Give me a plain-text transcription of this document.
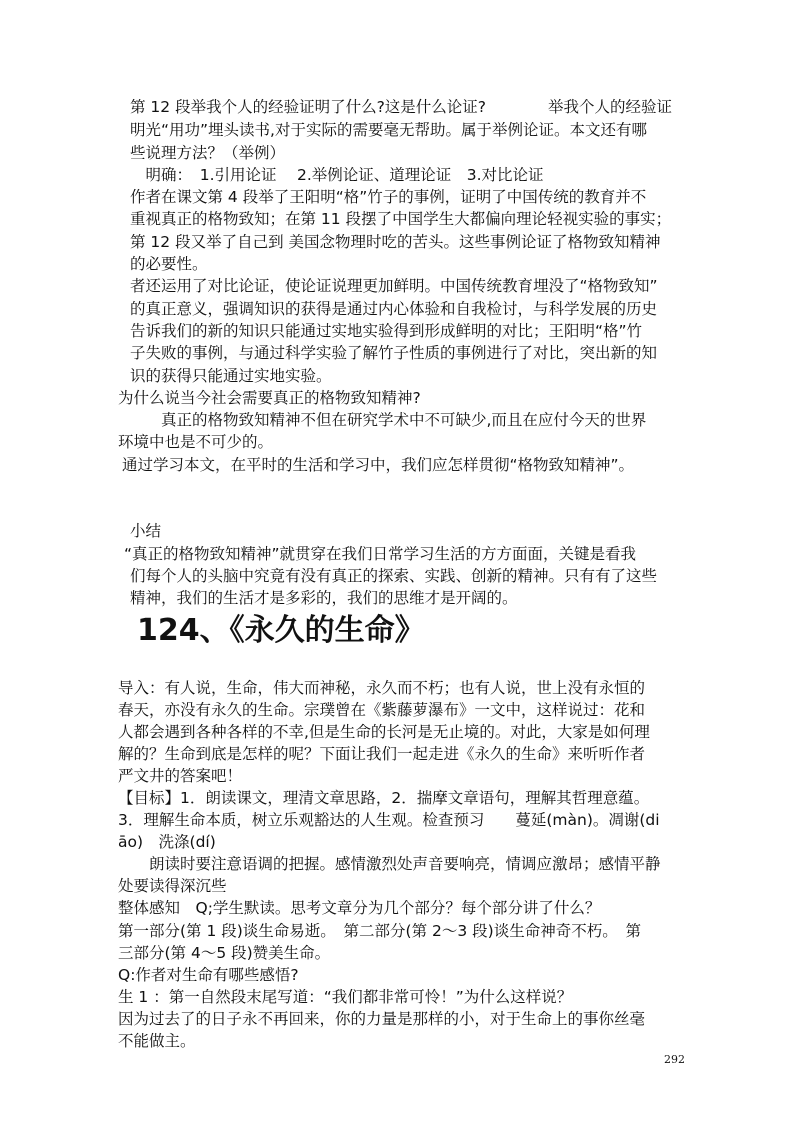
第 12 段举我个人的经验证明了什么?这是什么论证?　　　　举我个人的经验证
明光“用功”埋头读书,对于实际的需要毫无帮助。属于举例论证。本文还有哪
些说理方法？（举例）
　明确：　1.引用论证　 2.举例论证、道理论证　3.对比论证
作者在课文第 4 段举了王阳明“格”竹子的事例，证明了中国传统的教育并不
重视真正的格物致知；在第 11 段摆了中国学生大都偏向理论轻视实验的事实；
第 12 段又举了自己到 美国念物理时吃的苦头。这些事例论证了格物致知精神
的必要性。
者还运用了对比论证，使论证说理更加鲜明。中国传统教育埋没了“格物致知”
的真正意义，强调知识的获得是通过内心体验和自我检讨，与科学发展的历史
告诉我们的新的知识只能通过实地实验得到形成鲜明的对比；王阳明“格”竹
子失败的事例，与通过科学实验了解竹子性质的事例进行了对比，突出新的知
识的获得只能通过实地实验。
为什么说当今社会需要真正的格物致知精神?
　　真正的格物致知精神不但在研究学术中不可缺少,而且在应付今天的世界
环境中也是不可少的。
通过学习本文，在平时的生活和学习中，我们应怎样贯彻“格物致知精神”。
小结
“真正的格物致知精神”就贯穿在我们日常学习生活的方方面面，关键是看我
们每个人的头脑中究竟有没有真正的探索、实践、创新的精神。只有有了这些
精神，我们的生活才是多彩的，我们的思维才是开阔的。
124、《永久的生命》
导入：有人说，生命，伟大而神秘，永久而不朽；也有人说，世上没有永恒的
春天，亦没有永久的生命。宗璞曾在《紫藤萝瀑布》一文中，这样说过：花和
人都会遇到各种各样的不幸,但是生命的长河是无止境的。对此，大家是如何理
解的？生命到底是怎样的呢？下面让我们一起走进《永久的生命》来听听作者
严文井的答案吧！
【目标】1．朗读课文，理清文章思路，2．揣摩文章语句，理解其哲理意蕴。
3．理解生命本质，树立乐观豁达的人生观。检查预习　　蔓延(màn)。凋谢(di
āo)　洗涤(dí)
　　朗读时要注意语调的把握。感情激烈处声音要响亮，情调应激昂；感情平静
处要读得深沉些
整体感知　Q;学生默读。思考文章分为几个部分？每个部分讲了什么？
第一部分(第 1 段)谈生命易逝。　第二部分(第 2～3 段)谈生命神奇不朽。　第
三部分(第 4～5 段)赞美生命。
Q:作者对生命有哪些感悟?
生 1 ：第一自然段末尾写道：“我们都非常可怜！”为什么这样说？
因为过去了的日子永不再回来，你的力量是那样的小，对于生命上的事你丝毫
不能做主。
292
